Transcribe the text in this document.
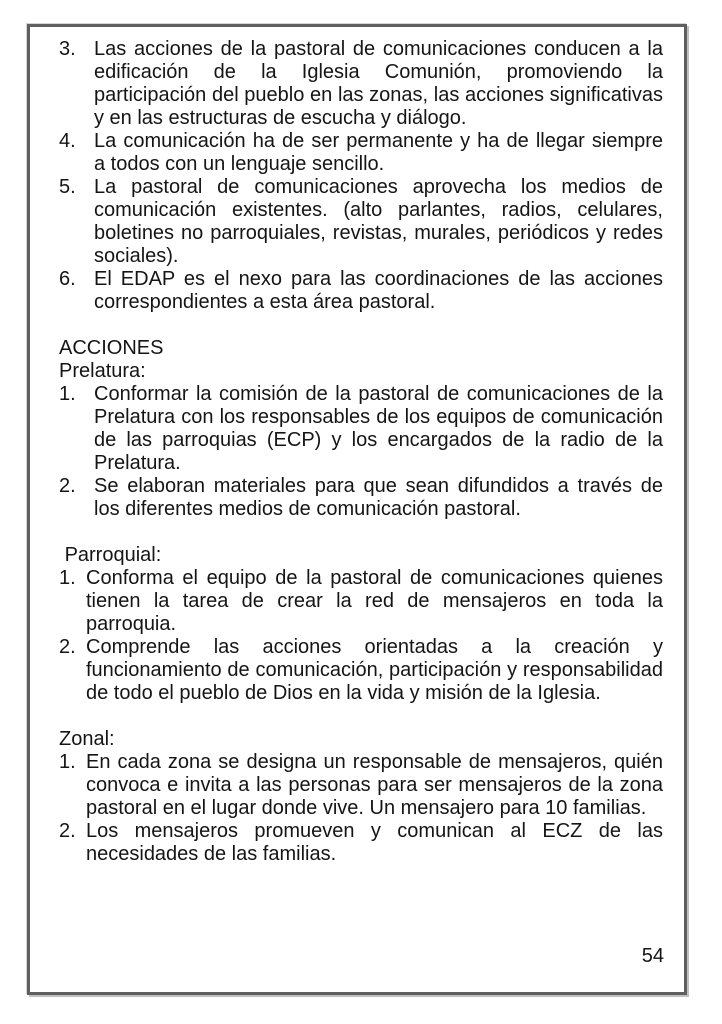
3. Las acciones de la pastoral de comunicaciones conducen a la edificación de la Iglesia Comunión, promoviendo la participación del pueblo en las zonas, las acciones significativas y en las estructuras de escucha y diálogo.
4. La comunicación ha de ser permanente y ha de llegar siempre a todos con un lenguaje sencillo.
5. La pastoral de comunicaciones aprovecha los medios de comunicación existentes. (alto parlantes, radios, celulares, boletines no parroquiales, revistas, murales, periódicos y redes sociales).
6. El EDAP es el nexo para las coordinaciones de las acciones correspondientes a esta área pastoral.
ACCIONES
Prelatura:
1. Conformar la comisión de la pastoral de comunicaciones de la Prelatura con los responsables de los equipos de comunicación de las parroquias (ECP) y los encargados de la radio de la Prelatura.
2. Se elaboran materiales para que sean difundidos a través de los diferentes medios de comunicación pastoral.
Parroquial:
1. Conforma el equipo de la pastoral de comunicaciones quienes tienen la tarea de crear la red de mensajeros en toda la parroquia.
2. Comprende las acciones orientadas a la creación y funcionamiento de comunicación, participación y responsabilidad de todo el pueblo de Dios en la vida y misión de la Iglesia.
Zonal:
1. En cada zona se designa un responsable de mensajeros, quién convoca e invita a las personas para ser mensajeros de la zona pastoral en el lugar donde vive. Un mensajero para 10 familias.
2. Los mensajeros promueven y comunican al ECZ de las necesidades de las familias.
54
